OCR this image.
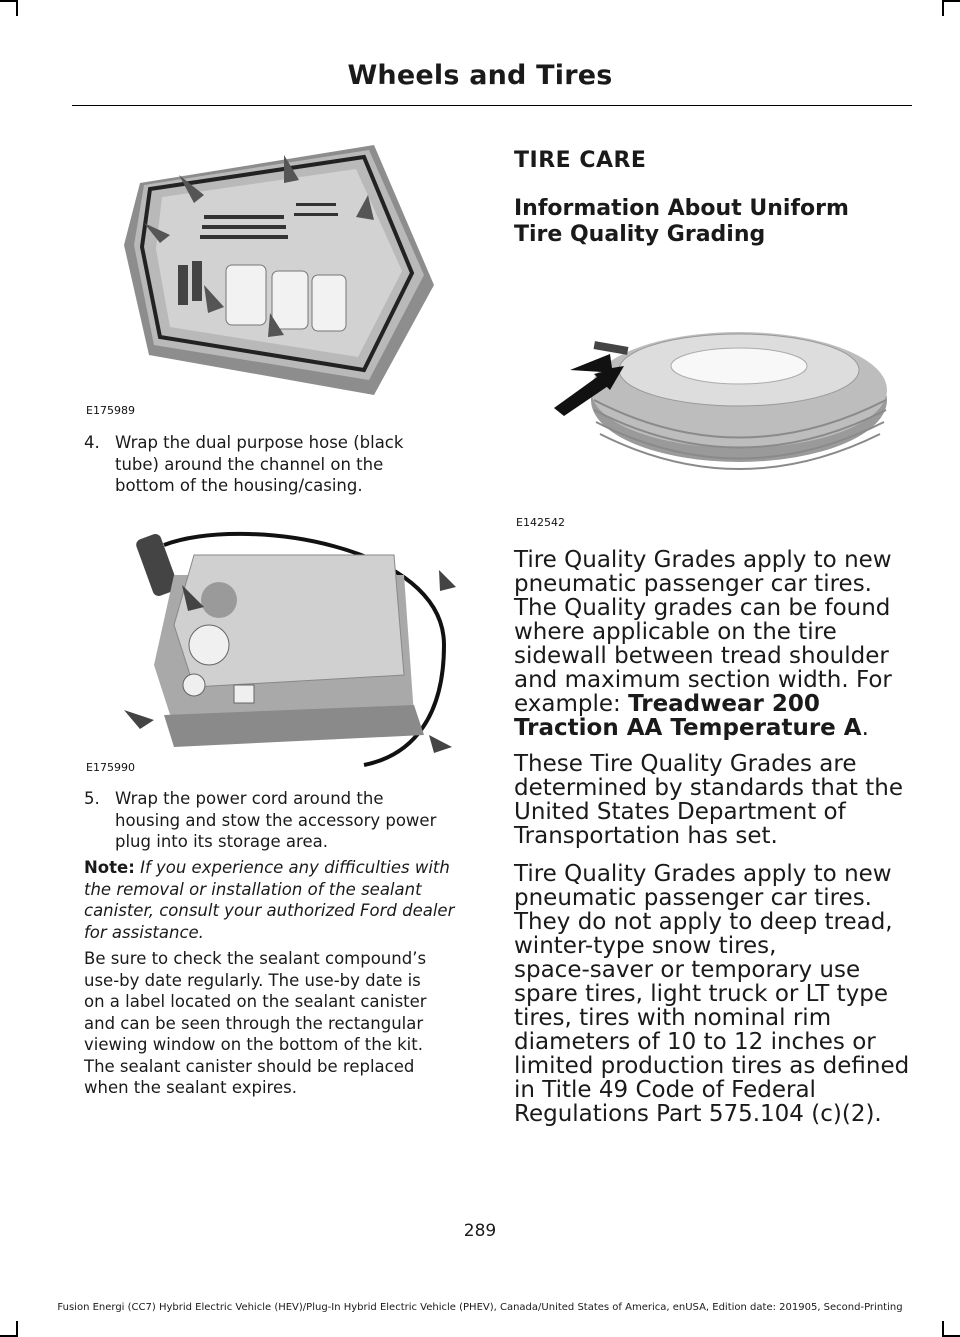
Wheels and Tires
E175989
4. Wrap the dual purpose hose (black
tube) around the channel on the
bottom of the housing/casing.
E175990
5. Wrap the power cord around the
housing and stow the accessory power
plug into its storage area.
Note: If you experience any difficulties with
the removal or installation of the sealant
canister, consult your authorized Ford dealer
for assistance.
Be sure to check the sealant compound’s
use-by date regularly. The use-by date is
on a label located on the sealant canister
and can be seen through the rectangular
viewing window on the bottom of the kit.
The sealant canister should be replaced
when the sealant expires.
TIRE CARE
Information About Uniform
Tire Quality Grading
E142542
Tire Quality Grades apply to new
pneumatic passenger car tires.
The Quality grades can be found
where applicable on the tire
sidewall between tread shoulder
and maximum section width. For
example: Treadwear 200
Traction AA Temperature A.
These Tire Quality Grades are
determined by standards that the
United States Department of
Transportation has set.
Tire Quality Grades apply to new
pneumatic passenger car tires.
They do not apply to deep tread,
winter-type snow tires,
space-saver or temporary use
spare tires, light truck or LT type
tires, tires with nominal rim
diameters of 10 to 12 inches or
limited production tires as defined
in Title 49 Code of Federal
Regulations Part 575.104 (c)(2).
289
Fusion Energi (CC7) Hybrid Electric Vehicle (HEV)/Plug-In Hybrid Electric Vehicle (PHEV), Canada/United States of America, enUSA, Edition date: 201905, Second-Printing
